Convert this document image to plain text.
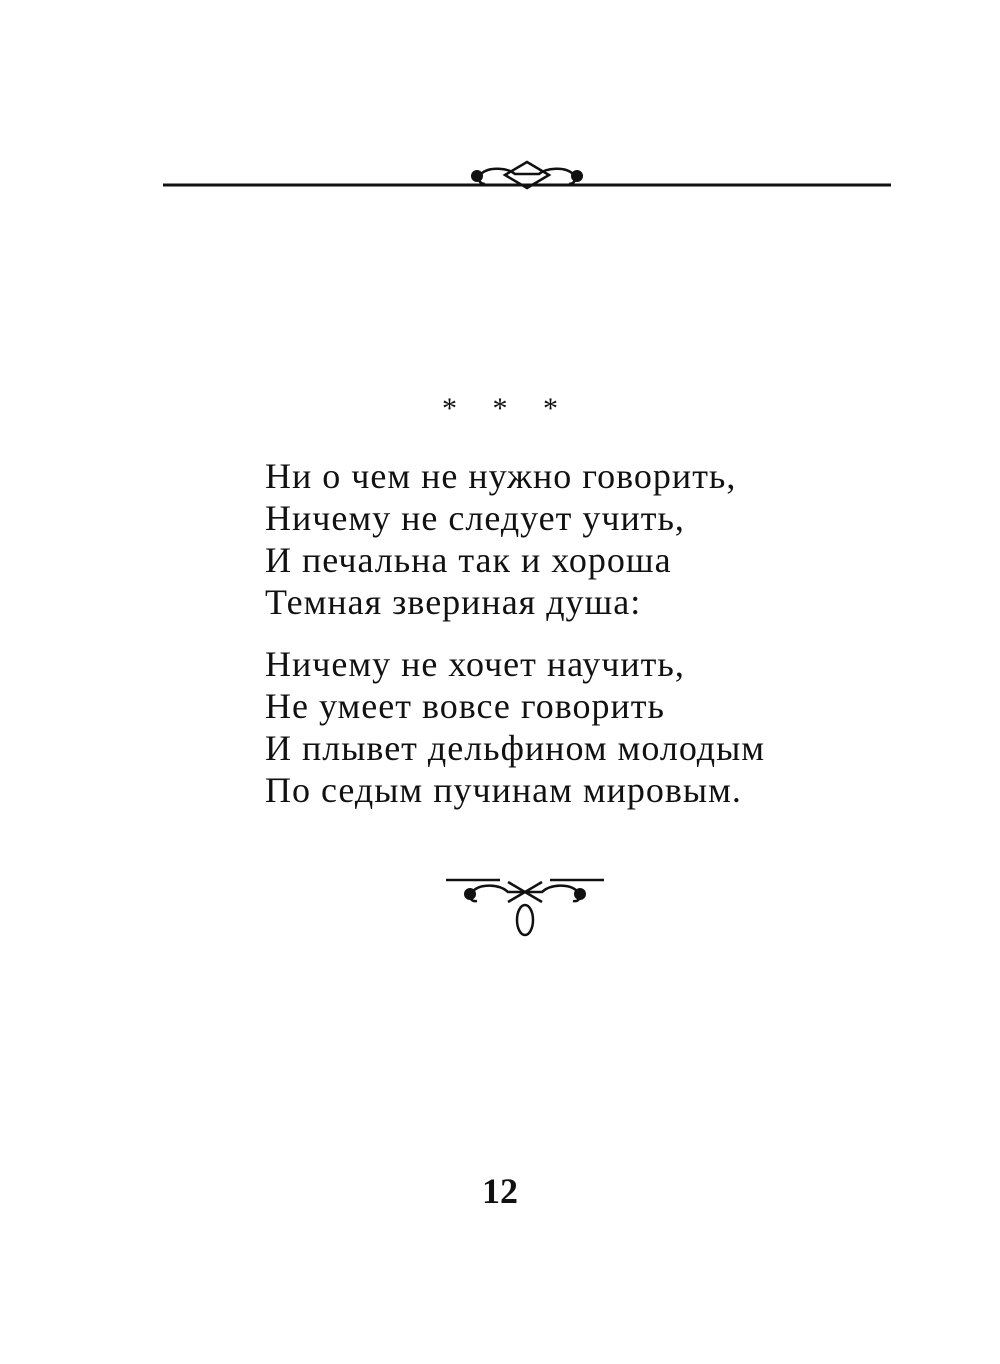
* * *
Ни о чем не нужно говорить,
Ничему не следует учить,
И печальна так и хороша
Темная звериная душа:
Ничему не хочет научить,
Не умеет вовсе говорить
И плывет дельфином молодым
По седым пучинам мировым.
12
